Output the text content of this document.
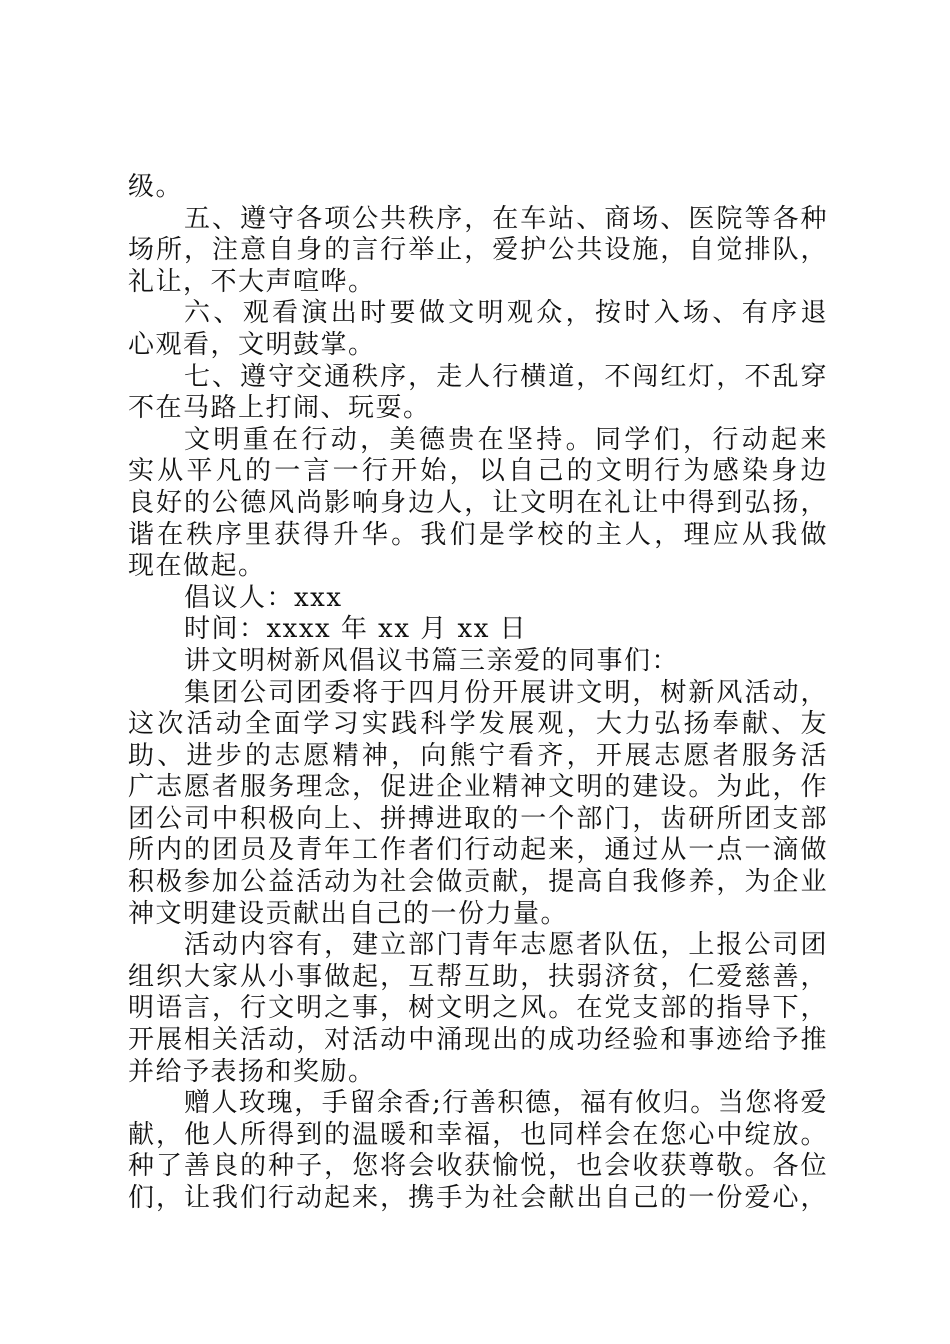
级。
五、遵守各项公共秩序，在车站、商场、医院等各种
场所，注意自身的言行举止，爱护公共设施，自觉排队，
礼让，不大声喧哗。
六、观看演出时要做文明观众，按时入场、有序退
心观看，文明鼓掌。
七、遵守交通秩序，走人行横道，不闯红灯，不乱穿
不在马路上打闹、玩耍。
文明重在行动，美德贵在坚持。同学们，行动起来
实从平凡的一言一行开始，以自己的文明行为感染身边
良好的公德风尚影响身边人，让文明在礼让中得到弘扬，
谐在秩序里获得升华。我们是学校的主人，理应从我做
现在做起。
倡议人：xxx
时间：xxxx 年 xx 月 xx 日
讲文明树新风倡议书篇三亲爱的同事们：
集团公司团委将于四月份开展讲文明，树新风活动，
这次活动全面学习实践科学发展观，大力弘扬奉献、友
助、进步的志愿精神，向熊宁看齐，开展志愿者服务活
广志愿者服务理念，促进企业精神文明的建设。为此，作
团公司中积极向上、拼搏进取的一个部门，齿研所团支部
所内的团员及青年工作者们行动起来，通过从一点一滴做
积极参加公益活动为社会做贡献，提高自我修养，为企业
神文明建设贡献出自己的一份力量。
活动内容有，建立部门青年志愿者队伍，上报公司团
组织大家从小事做起，互帮互助，扶弱济贫，仁爱慈善，
明语言，行文明之事，树文明之风。在党支部的指导下，
开展相关活动，对活动中涌现出的成功经验和事迹给予推
并给予表扬和奖励。
赠人玫瑰，手留余香;行善积德，福有攸归。当您将爱
献，他人所得到的温暖和幸福，也同样会在您心中绽放。
种了善良的种子，您将会收获愉悦，也会收获尊敬。各位
们，让我们行动起来，携手为社会献出自己的一份爱心，
